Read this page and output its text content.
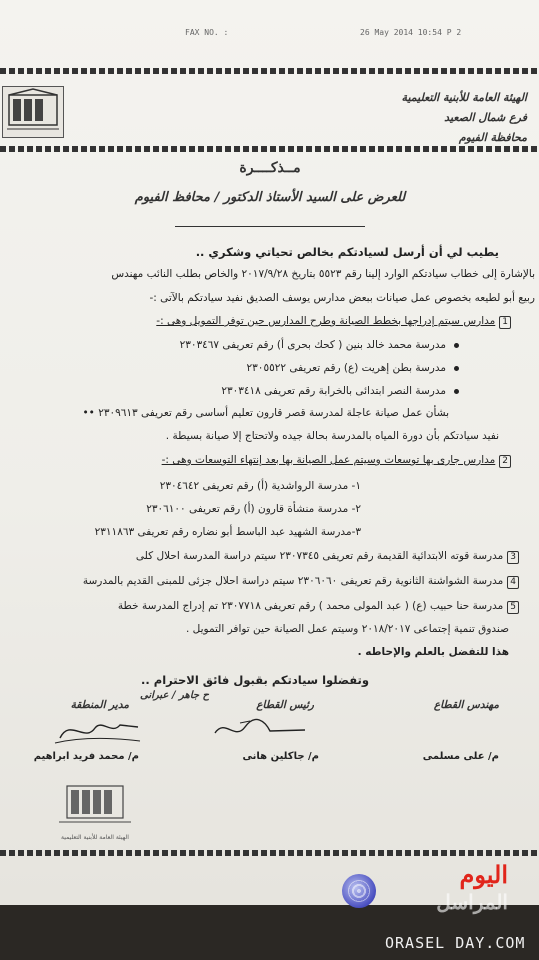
FAX NO. :	26 May 2014 10:54 P 2
الهيئة العامة للأبنية التعليمية
فرع شمال الصعيد
محافظة الفيوم
مــذكــــرة
للعرض على السيد الأستاذ الدكتور / محافظ الفيوم
يطيب لي أن أرسل لسيادتكم بخالص تحياتي وشكري ..
بالإشارة إلى خطاب سيادتكم الوارد إلينا رقم ٥٥٢٣ بتاريخ ٢٠١٧/٩/٢٨ والخاص بطلب النائب مهندس
ربيع أبو لطيعه بخصوص عمل صيانات ببعض مدارس يوسف الصديق نفيد سيادتكم بالآتى :-
1مدارس سيتم إدراجها بخطط الصيانة وطرح المدارس حين توفر التمويل وهى :-
مدرسة محمد خالد بنين ( كحك بحرى أ) رقم تعريفى ٢٣٠٣٤٦٧
مدرسة بطن إهريت (ع) رقم تعريفى ٢٣٠٥٥٢٢
مدرسة النصر ابتدائى بالخرابة رقم تعريفى ٢٣٠٣٤١٨
بشأن عمل صيانة عاجلة لمدرسة قصر قارون تعليم أساسى رقم تعريفى ٢٣٠٩٦١٣ ••
نفيد سيادتكم بأن دورة المياه بالمدرسة بحالة جيده ولاتحتاج إلا صيانة بسيطة .
2مدارس جارى بها توسعات وسيتم عمل الصيانة بها بعد إنتهاء التوسعات وهى :-
١- مدرسة الرواشدية (أ) رقم تعريفى ٢٣٠٤٦٤٢
٢- مدرسة منشأة قارون (أ) رقم تعريفى ٢٣٠٦١٠٠
٣-مدرسة الشهيد عبد الباسط أبو نضاره رقم تعريفى ٢٣١١٨٦٣
3مدرسة قوته الابتدائية القديمة رقم تعريفى ٢٣٠٧٣٤٥ سيتم دراسة المدرسة احلال كلى
4مدرسة الشواشنة الثانوية رقم تعريفى ٢٣٠٦٠٦٠ سيتم دراسة احلال جزئى للمبنى القديم بالمدرسة
5مدرسة حنا حبيب (ع) ( عبد المولى محمد ) رقم تعريفى ٢٣٠٧٧١٨ تم إدراج المدرسة خطة
صندوق تنمية إجتماعى ٢٠١٨/٢٠١٧ وسيتم عمل الصيانة حين توافر التمويل .
هذا للتفضل بالعلم والإحاطه .
وتفضلوا سيادتكم بقبول فائق الاحترام ..
مهندس القطاع
رئيس القطاع
مدير المنطقة
ح جاهر / عبرانى
م/ على مسلمى
م/ جاكلين هانى
م/ محمد فريد ابراهيم
الهيئة العامة للأبنية التعليمية
اليوم
المراسل
ORASEL DAY.COM
